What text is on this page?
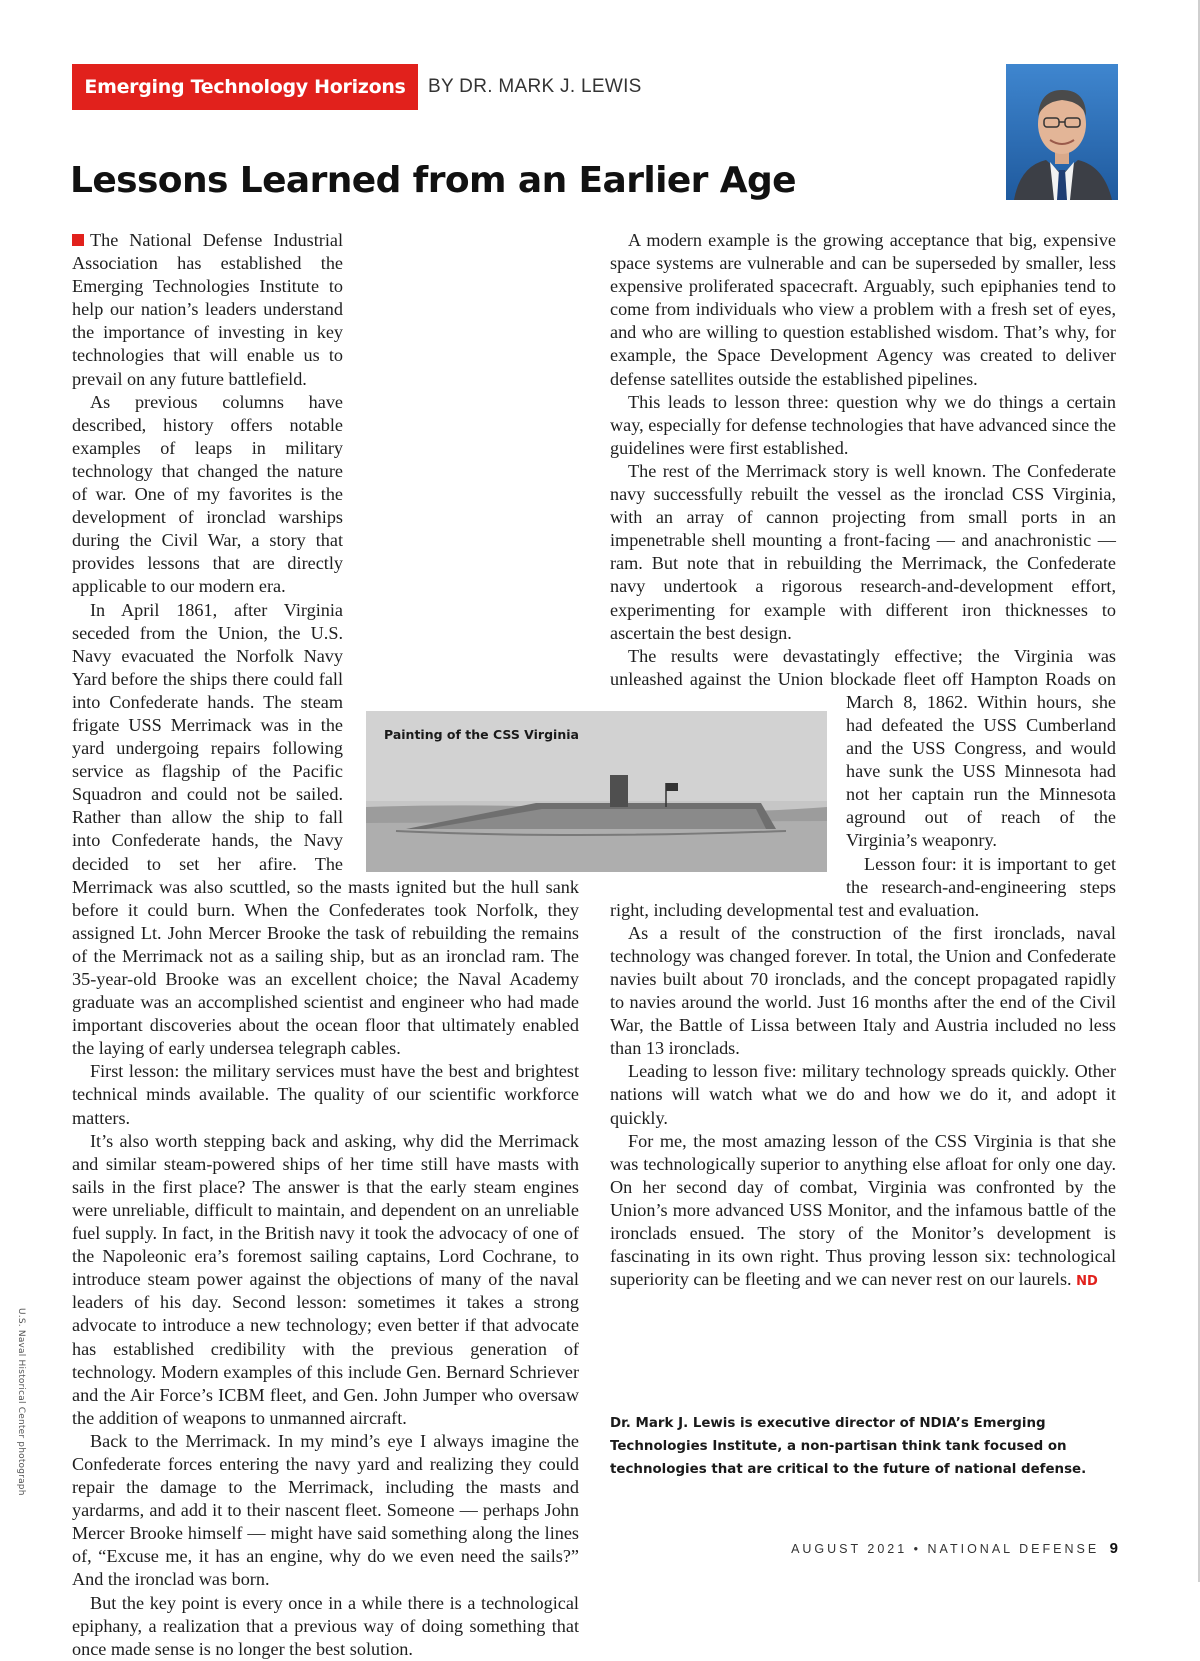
Emerging Technology Horizons	BY DR. MARK J. LEWIS
Lessons Learned from an Earlier Age

The National Defense Industrial Association has established the Emerging Technologies Institute to help our nation’s leaders understand the importance of investing in key technologies that will enable us to prevail on any future battlefield.

As previous columns have described, history offers notable examples of leaps in military technology that changed the nature of war. One of my favorites is the development of ironclad warships during the Civil War, a story that provides lessons that are directly applicable to our modern era.

In April 1861, after Virginia seceded from the Union, the U.S. Navy evacuated the Norfolk Navy Yard before the ships there could fall into Confederate hands. The steam frigate USS Merrimack was in the yard undergoing repairs following service as flagship of the Pacific Squadron and could not be sailed. Rather than allow the ship to fall into Confederate hands, the Navy decided to set her afire. The Merrimack was also scuttled, so the masts ignited but the hull sank before it could burn. When the Confederates took Norfolk, they assigned Lt. John Mercer Brooke the task of rebuilding the remains of the Merrimack not as a sailing ship, but as an ironclad ram. The 35-year-old Brooke was an excellent choice; the Naval Academy graduate was an accomplished scientist and engineer who had made important discoveries about the ocean floor that ultimately enabled the laying of early undersea telegraph cables.

First lesson: the military services must have the best and brightest technical minds available. The quality of our scientific workforce matters.

It’s also worth stepping back and asking, why did the Merrimack and similar steam-powered ships of her time still have masts with sails in the first place? The answer is that the early steam engines were unreliable, difficult to maintain, and dependent on an unreliable fuel supply. In fact, in the British navy it took the advocacy of one of the Napoleonic era’s foremost sailing captains, Lord Cochrane, to introduce steam power against the objections of many of the naval leaders of his day. Second lesson: sometimes it takes a strong advocate to introduce a new technology; even better if that advocate has established credibility with the previous generation of technology. Modern examples of this include Gen. Bernard Schriever and the Air Force’s ICBM fleet, and Gen. John Jumper who oversaw the addition of weapons to unmanned aircraft.

Back to the Merrimack. In my mind’s eye I always imagine the Confederate forces entering the navy yard and realizing they could repair the damage to the Merrimack, including the masts and yardarms, and add it to their nascent fleet. Someone — perhaps John Mercer Brooke himself — might have said something along the lines of, “Excuse me, it has an engine, why do we even need the sails?” And the ironclad was born.

But the key point is every once in a while there is a technological epiphany, a realization that a previous way of doing something that once made sense is no longer the best solution.

A modern example is the growing acceptance that big, expensive space systems are vulnerable and can be superseded by smaller, less expensive proliferated spacecraft. Arguably, such epiphanies tend to come from individuals who view a problem with a fresh set of eyes, and who are willing to question established wisdom. That’s why, for example, the Space Development Agency was created to deliver defense satellites outside the established pipelines.

This leads to lesson three: question why we do things a certain way, especially for defense technologies that have advanced since the guidelines were first established.

The rest of the Merrimack story is well known. The Confederate navy successfully rebuilt the vessel as the ironclad CSS Virginia, with an array of cannon projecting from small ports in an impenetrable shell mounting a front-facing — and anachronistic — ram. But note that in rebuilding the Merrimack, the Confederate navy undertook a rigorous research-and-development effort, experimenting for example with different iron thicknesses to ascertain the best design.

The results were devastatingly effective; the Virginia was unleashed against the Union blockade fleet off Hampton Roads on March 8, 1862. Within hours, she had defeated the USS Cumberland and the USS Congress, and would have sunk the USS Minnesota had not her captain run the Minnesota aground out of reach of the Virginia’s weaponry.

Lesson four: it is important to get the research-and-engineering steps right, including developmental test and evaluation.

As a result of the construction of the first ironclads, naval technology was changed forever. In total, the Union and Confederate navies built about 70 ironclads, and the concept propagated rapidly to navies around the world. Just 16 months after the end of the Civil War, the Battle of Lissa between Italy and Austria included no less than 13 ironclads.

Leading to lesson five: military technology spreads quickly. Other nations will watch what we do and how we do it, and adopt it quickly.

For me, the most amazing lesson of the CSS Virginia is that she was technologically superior to anything else afloat for only one day. On her second day of combat, Virginia was confronted by the Union’s more advanced USS Monitor, and the infamous battle of the ironclads ensued. The story of the Monitor’s development is fascinating in its own right. Thus proving lesson six: technological superiority can be fleeting and we can never rest on our laurels. ND

Painting of the CSS Virginia
Dr. Mark J. Lewis is executive director of NDIA’s Emerging Technologies Institute, a non-partisan think tank focused on technologies that are critical to the future of national defense.
U.S. Naval Historical Center photograph
AUGUST 2021 • NATIONAL DEFENSE 9
